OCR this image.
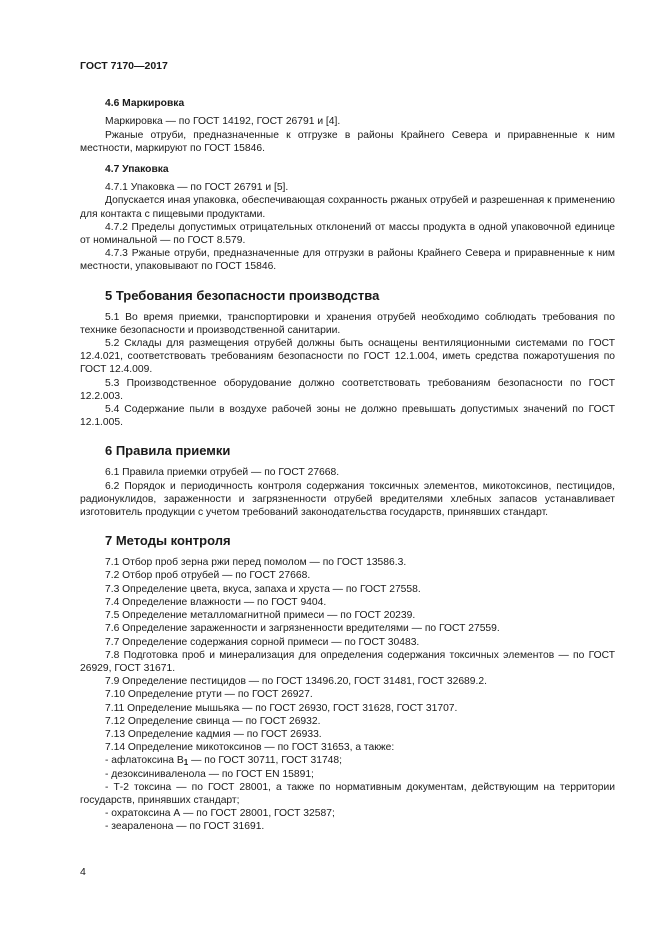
ГОСТ 7170—2017
4.6 Маркировка

Маркировка — по ГОСТ 14192, ГОСТ 26791 и [4].

Ржаные отруби, предназначенные к отгрузке в районы Крайнего Севера и приравненные к ним местности, маркируют по ГОСТ 15846.

4.7 Упаковка

4.7.1 Упаковка — по ГОСТ 26791 и [5].

Допускается иная упаковка, обеспечивающая сохранность ржаных отрубей и разрешенная к применению для контакта с пищевыми продуктами.

4.7.2 Пределы допустимых отрицательных отклонений от массы продукта в одной упаковочной единице от номинальной — по ГОСТ 8.579.

4.7.3 Ржаные отруби, предназначенные для отгрузки в районы Крайнего Севера и приравненные к ним местности, упаковывают по ГОСТ 15846.

5 Требования безопасности производства

5.1 Во время приемки, транспортировки и хранения отрубей необходимо соблюдать требования по технике безопасности и производственной санитарии.

5.2 Склады для размещения отрубей должны быть оснащены вентиляционными системами по ГОСТ 12.4.021, соответствовать требованиям безопасности по ГОСТ 12.1.004, иметь средства пожаротушения по ГОСТ 12.4.009.

5.3 Производственное оборудование должно соответствовать требованиям безопасности по ГОСТ 12.2.003.

5.4 Содержание пыли в воздухе рабочей зоны не должно превышать допустимых значений по ГОСТ 12.1.005.

6 Правила приемки

6.1 Правила приемки отрубей — по ГОСТ 27668.

6.2 Порядок и периодичность контроля содержания токсичных элементов, микотоксинов, пестицидов, радионуклидов, зараженности и загрязненности отрубей вредителями хлебных запасов устанавливает изготовитель продукции с учетом требований законодательства государств, принявших стандарт.

7 Методы контроля

7.1 Отбор проб зерна ржи перед помолом — по ГОСТ 13586.3.

7.2 Отбор проб отрубей — по ГОСТ 27668.

7.3 Определение цвета, вкуса, запаха и хруста — по ГОСТ 27558.

7.4 Определение влажности — по ГОСТ 9404.

7.5 Определение металломагнитной примеси — по ГОСТ 20239.

7.6 Определение зараженности и загрязненности вредителями — по ГОСТ 27559.

7.7 Определение содержания сорной примеси — по ГОСТ 30483.

7.8 Подготовка проб и минерализация для определения содержания токсичных элементов — по ГОСТ 26929, ГОСТ 31671.

7.9 Определение пестицидов — по ГОСТ 13496.20, ГОСТ 31481, ГОСТ 32689.2.

7.10 Определение ртути — по ГОСТ 26927.

7.11 Определение мышьяка — по ГОСТ 26930, ГОСТ 31628, ГОСТ 31707.

7.12 Определение свинца — по ГОСТ 26932.

7.13 Определение кадмия — по ГОСТ 26933.

7.14 Определение микотоксинов — по ГОСТ 31653, а также:

- афлатоксина $В_1$ — по ГОСТ 30711, ГОСТ 31748;

- дезоксиниваленола — по ГОСТ EN 15891;

- Т-2 токсина — по ГОСТ 28001, а также по нормативным документам, действующим на территории государств, принявших стандарт;

- охратоксина А — по ГОСТ 28001, ГОСТ 32587;

- зеараленона — по ГОСТ 31691.

4
